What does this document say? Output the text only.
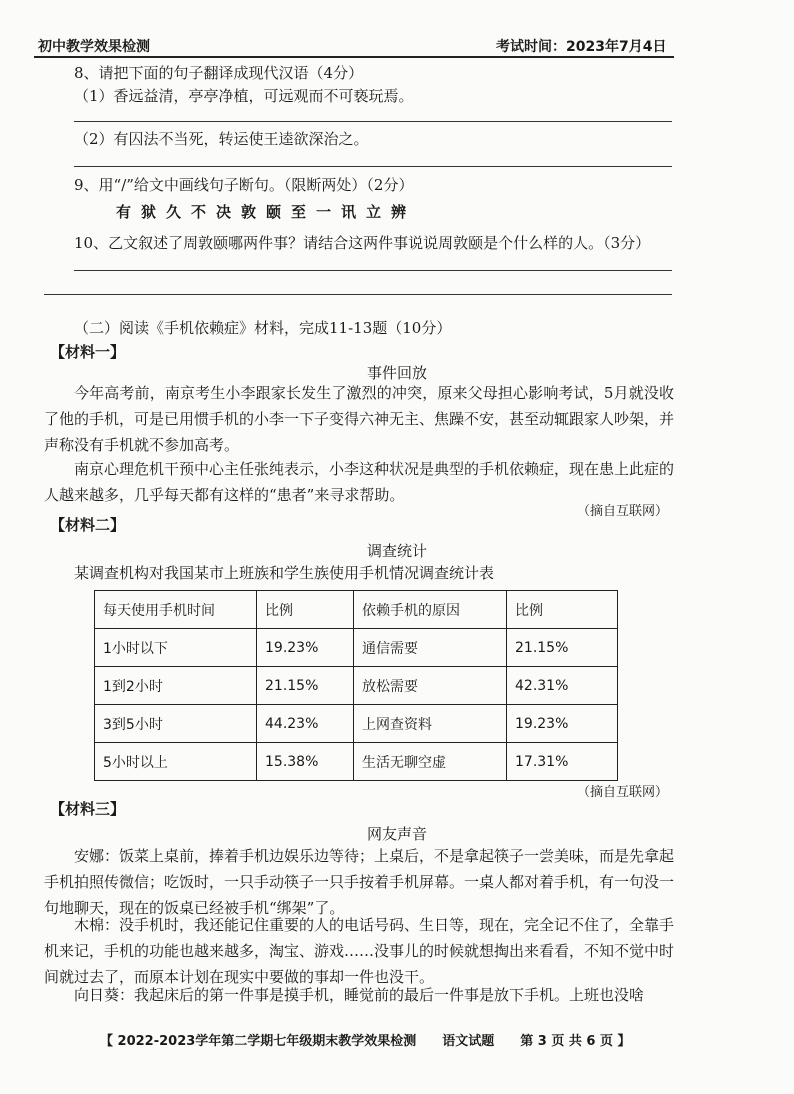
初中教学效果检测	考试时间：2023年7月4日
8、请把下面的句子翻译成现代汉语（4分）
（1）香远益清，亭亭净植，可远观而不可亵玩焉。
（2）有囚法不当死，转运使王逵欲深治之。
9、用“/”给文中画线句子断句。（限断两处）（2分）
有狱久不决敦颐至一讯立辨
10、乙文叙述了周敦颐哪两件事？请结合这两件事说说周敦颐是个什么样的人。（3分）
（二）阅读《手机依赖症》材料，完成11-13题（10分）
【材料一】
事件回放
今年高考前，南京考生小李跟家长发生了激烈的冲突，原来父母担心影响考试，5月就没收了他的手机，可是已用惯手机的小李一下子变得六神无主、焦躁不安，甚至动辄跟家人吵架，并声称没有手机就不参加高考。
南京心理危机干预中心主任张纯表示，小李这种状况是典型的手机依赖症，现在患上此症的人越来越多，几乎每天都有这样的“患者”来寻求帮助。
（摘自互联网）
【材料二】
调查统计
某调查机构对我国某市上班族和学生族使用手机情况调查统计表
每天使用手机时间	比例	依赖手机的原因	比例
1小时以下	19.23%	通信需要	21.15%
1到2小时	21.15%	放松需要	42.31%
3到5小时	44.23%	上网查资料	19.23%
5小时以上	15.38%	生活无聊空虚	17.31%
（摘自互联网）
【材料三】
网友声音
安娜：饭菜上桌前，捧着手机边娱乐边等待；上桌后，不是拿起筷子一尝美味，而是先拿起手机拍照传微信；吃饭时，一只手动筷子一只手按着手机屏幕。一桌人都对着手机，有一句没一句地聊天，现在的饭桌已经被手机“绑架”了。
木棉：没手机时，我还能记住重要的人的电话号码、生日等，现在，完全记不住了，全靠手机来记，手机的功能也越来越多，淘宝、游戏……没事儿的时候就想掏出来看看，不知不觉中时间就过去了，而原本计划在现实中要做的事却一件也没干。
向日葵：我起床后的第一件事是摸手机，睡觉前的最后一件事是放下手机。上班也没啥
【 2022-2023学年第二学期七年级期末教学效果检测　　语文试题　　第 3 页 共 6 页 】
